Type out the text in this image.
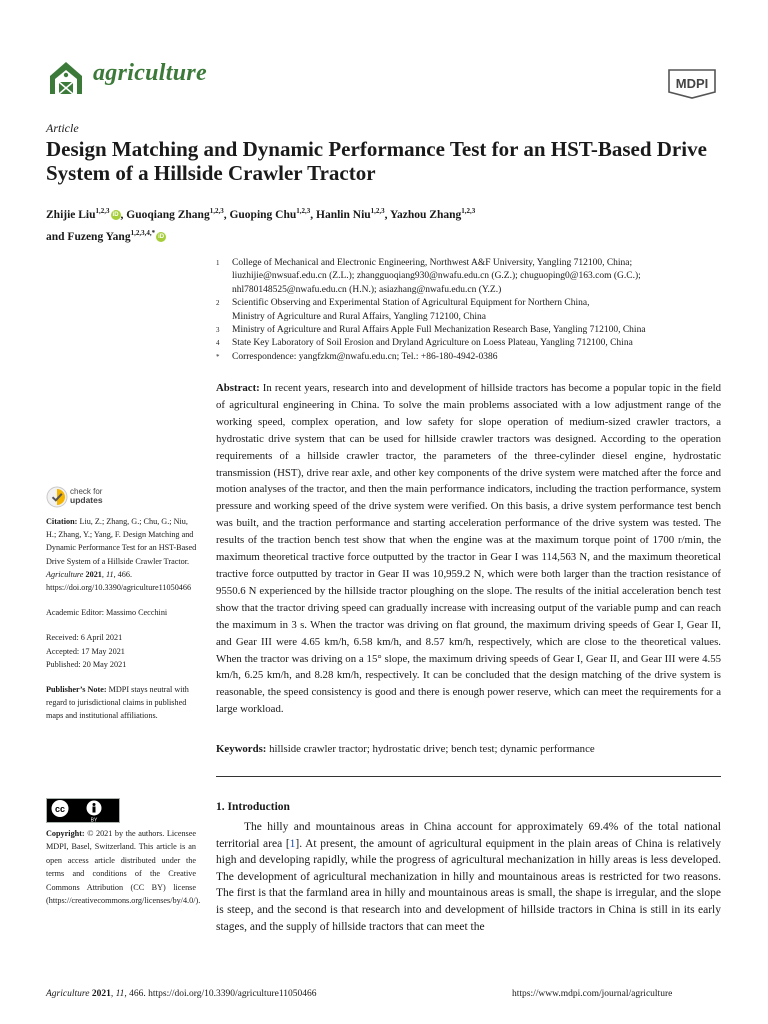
agriculture	MDPI
Article
Design Matching and Dynamic Performance Test for an HST-Based Drive System of a Hillside Crawler Tractor
Zhijie Liu$^{1,2,3}$iD , Guoqiang Zhang$^{1,2,3}$, Guoping Chu$^{1,2,3}$, Hanlin Niu$^{1,2,3}$, Yazhou Zhang$^{1,2,3}$
and Fuzeng Yang$^{1,2,3,4,*}$iD
1	College of Mechanical and Electronic Engineering, Northwest A&F University, Yangling 712100, China;
liuzhijie@nwsuaf.edu.cn (Z.L.); zhangguoqiang930@nwafu.edu.cn (G.Z.); chuguoping0@163.com (G.C.);
nhl780148525@nwafu.edu.cn (H.N.); asiazhang@nwafu.edu.cn (Y.Z.)
2	Scientific Observing and Experimental Station of Agricultural Equipment for Northern China,
Ministry of Agriculture and Rural Affairs, Yangling 712100, China
3	Ministry of Agriculture and Rural Affairs Apple Full Mechanization Research Base, Yangling 712100, China
4	State Key Laboratory of Soil Erosion and Dryland Agriculture on Loess Plateau, Yangling 712100, China
*	Correspondence: yangfzkm@nwafu.edu.cn; Tel.: +86-180-4942-0386
Abstract: In recent years, research into and development of hillside tractors has become a popular topic in the field of agricultural engineering in China. To solve the main problems associated with a low adjustment range of the working speed, complex operation, and low safety for slope operation of medium-sized crawler tractors, a hydrostatic drive system that can be used for hillside crawler tractors was designed. According to the operation requirements of a hillside crawler tractor, the parameters of the three-cylinder diesel engine, hydrostatic transmission (HST), drive rear axle, and other key components of the drive system were matched after the force and motion analyses of the tractor, and then the main performance indicators, including the traction performance, system pressure and working speed of the drive system were verified. On this basis, a drive system performance test bench was built, and the traction performance and starting acceleration performance of the drive system was tested. The results of the traction bench test show that when the engine was at the maximum torque point of 1700 r/min, the maximum theoretical tractive force outputted by the tractor in Gear I was 114,563 N, and the maximum theoretical tractive force outputted by tractor in Gear II was 10,959.2 N, which were both larger than the traction resistance of 9550.6 N experienced by the hillside tractor ploughing on the slope. The results of the initial acceleration bench test show that the tractor driving speed can gradually increase with increasing output of the variable pump and can reach the maximum in 3 s. When the tractor was driving on flat ground, the maximum driving speeds of Gear I, Gear II, and Gear III were 4.65 km/h, 6.58 km/h, and 8.57 km/h, respectively, which are close to the theoretical values. When the tractor was driving on a 15° slope, the maximum driving speeds of Gear I, Gear II, and Gear III were 4.55 km/h, 6.25 km/h, and 8.28 km/h, respectively. It can be concluded that the design matching of the drive system is reasonable, the speed consistency is good and there is enough power reserve, which can meet the requirements for a large workload.
Keywords: hillside crawler tractor; hydrostatic drive; bench test; dynamic performance
check for
updates
Citation: Liu, Z.; Zhang, G.; Chu, G.; Niu, H.; Zhang, Y.; Yang, F. Design Matching and Dynamic Performance Test for an HST-Based Drive System of a Hillside Crawler Tractor. Agriculture 2021, 11, 466. https://doi.org/10.3390/agriculture11050466
Academic Editor: Massimo Cecchini
Received: 6 April 2021
Accepted: 17 May 2021
Published: 20 May 2021
Publisher’s Note: MDPI stays neutral with regard to jurisdictional claims in published maps and institutional affiliations.
cc
BY
Copyright: © 2021 by the authors. Licensee MDPI, Basel, Switzerland. This article is an open access article distributed under the terms and conditions of the Creative Commons Attribution (CC BY) license (https://creativecommons.org/licenses/by/4.0/).
1. Introduction
The hilly and mountainous areas in China account for approximately 69.4% of the total national territorial area [1]. At present, the amount of agricultural equipment in the plain areas of China is relatively high and developing rapidly, while the progress of agricultural mechanization in hilly areas is less developed. The development of agricultural mechanization in hilly and mountainous areas is restricted for two reasons. The first is that the farmland area in hilly and mountainous areas is small, the shape is irregular, and the slope is steep, and the second is that research into and development of hillside tractors in China is still in its early stages, and the supply of hillside tractors that can meet the
Agriculture 2021, 11, 466. https://doi.org/10.3390/agriculture11050466	https://www.mdpi.com/journal/agriculture
